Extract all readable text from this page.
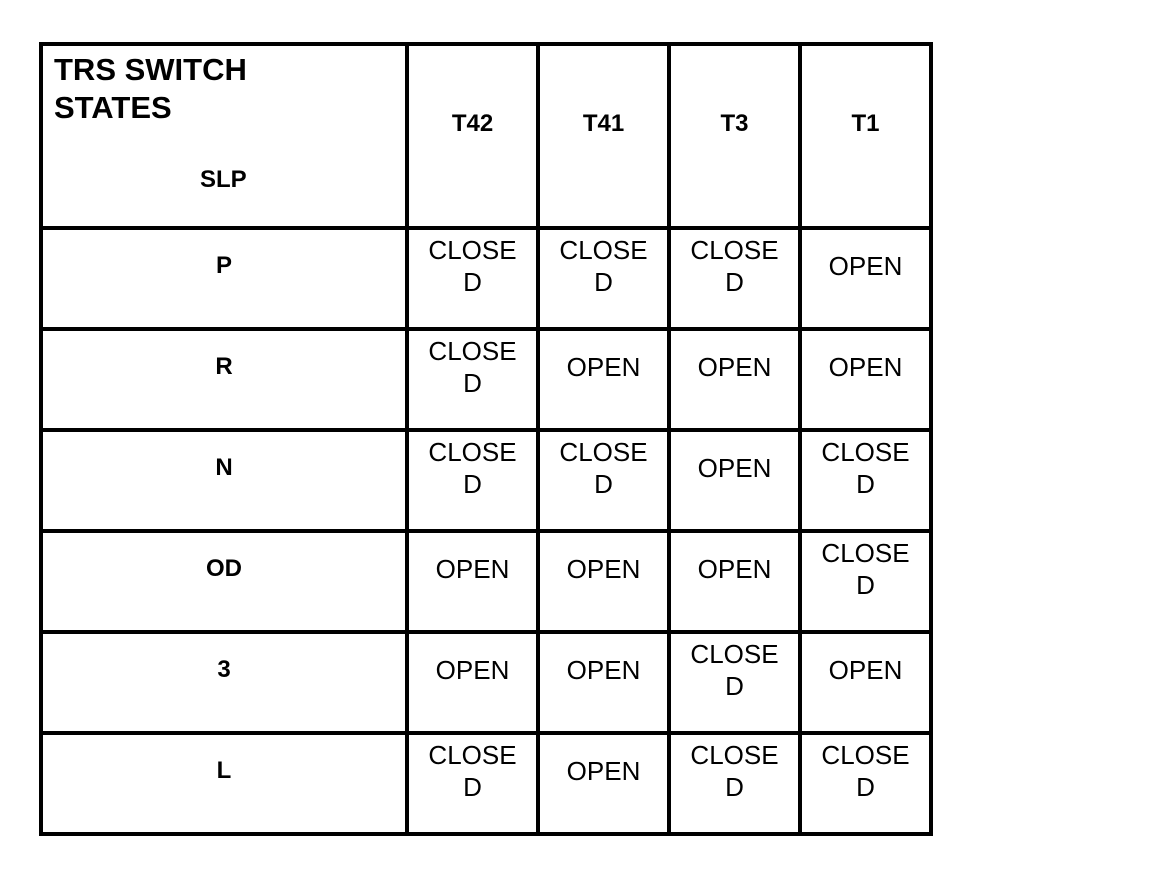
TRS SWITCH STATES
SLP	T42	T41	T3	T1
P	CLOSED	CLOSED	CLOSED	OPEN
R	CLOSED	OPEN	OPEN	OPEN
N	CLOSED	CLOSED	OPEN	CLOSED
OD	OPEN	OPEN	OPEN	CLOSED
3	OPEN	OPEN	CLOSED	OPEN
L	CLOSED	OPEN	CLOSED	CLOSED
